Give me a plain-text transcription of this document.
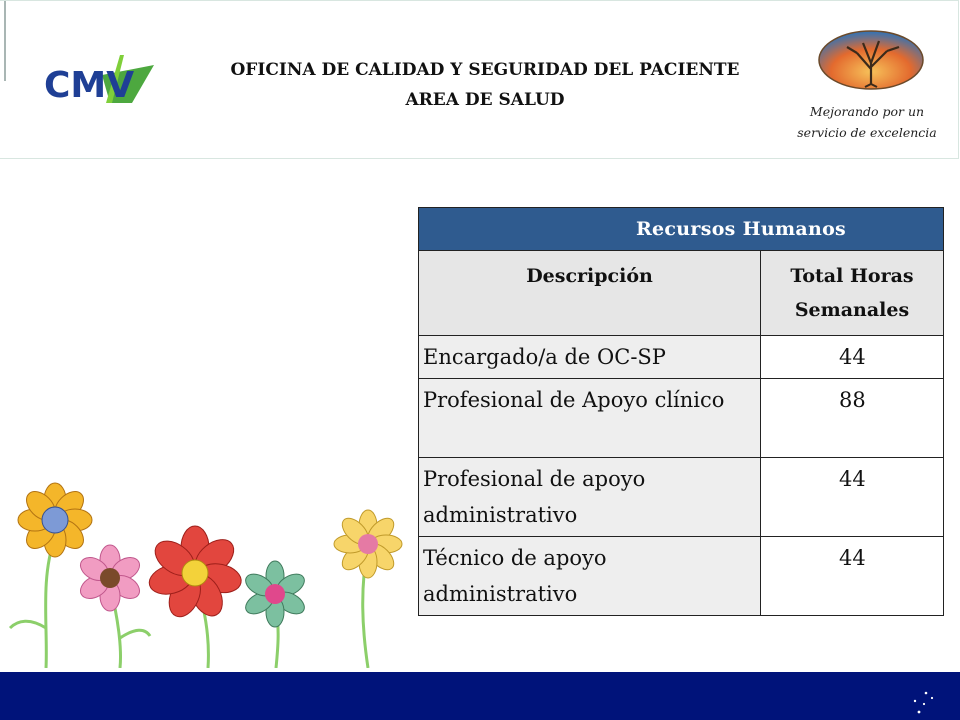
CMV	OFICINA DE CALIDAD Y SEGURIDAD DEL PACIENTE
AREA DE SALUD
Mejorando por un
servicio de excelencia
Recursos Humanos	
Descripción	Total Horas
Semanales

Encargado/a de OC-SP	44
Profesional de Apoyo clínico	88
Profesional de apoyo administrativo	44
Técnico de apoyo administrativo	44
